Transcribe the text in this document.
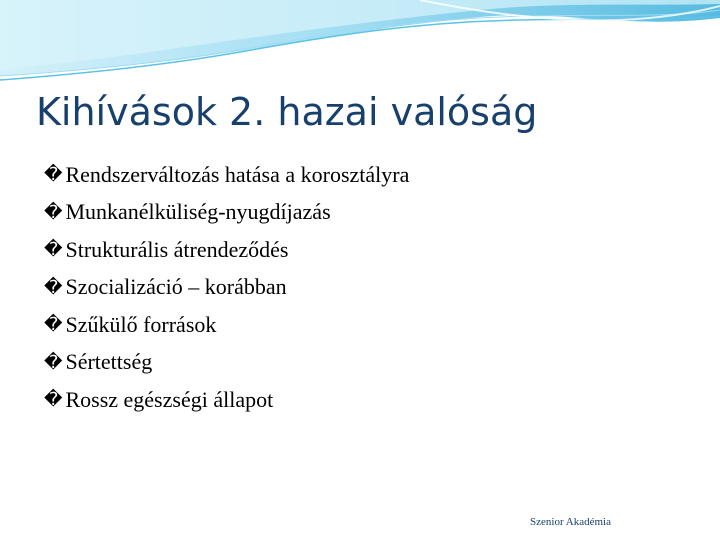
Kihívások 2. hazai valóság
� Rendszerváltozás hatása a korosztályra
� Munkanélküliség-nyugdíjazás
� Strukturális átrendeződés
� Szocializáció – korábban
� Szűkülő források
� Sértettség
� Rossz egészségi állapot
Szenior Akadémia
